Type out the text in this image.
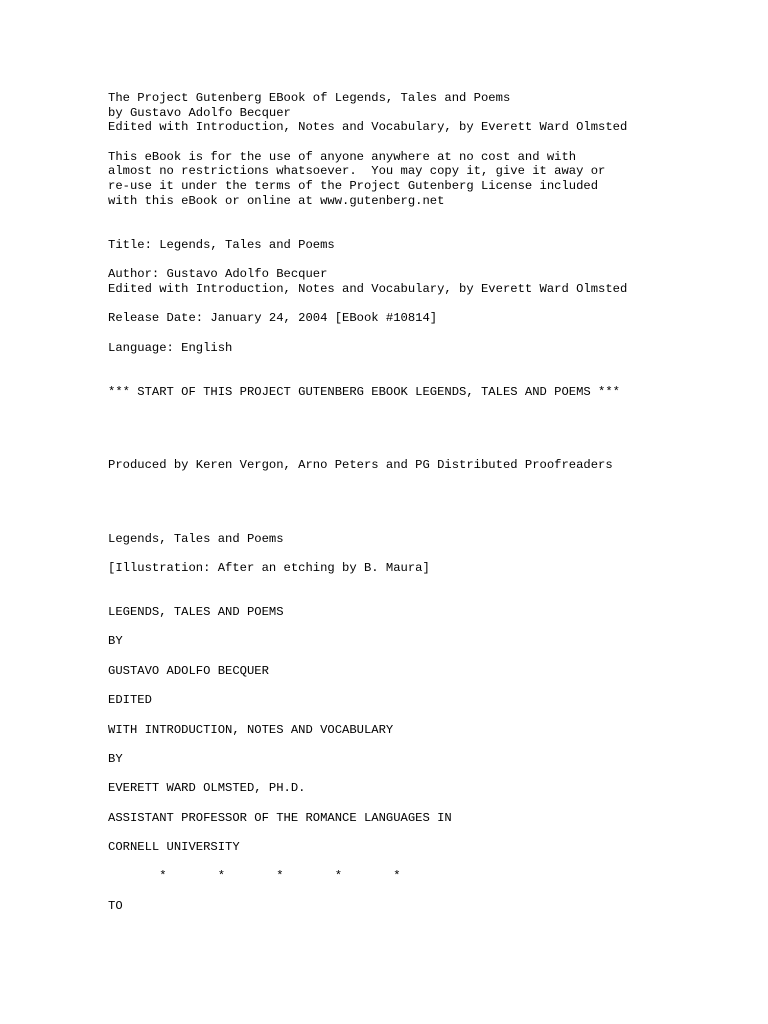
The Project Gutenberg EBook of Legends, Tales and Poems
by Gustavo Adolfo Becquer
Edited with Introduction, Notes and Vocabulary, by Everett Ward Olmsted
This eBook is for the use of anyone anywhere at no cost and with
almost no restrictions whatsoever.  You may copy it, give it away or
re-use it under the terms of the Project Gutenberg License included
with this eBook or online at www.gutenberg.net
Title: Legends, Tales and Poems
Author: Gustavo Adolfo Becquer
Edited with Introduction, Notes and Vocabulary, by Everett Ward Olmsted
Release Date: January 24, 2004 [EBook #10814]
Language: English
*** START OF THIS PROJECT GUTENBERG EBOOK LEGENDS, TALES AND POEMS ***
Produced by Keren Vergon, Arno Peters and PG Distributed Proofreaders
Legends, Tales and Poems
[Illustration: After an etching by B. Maura]
LEGENDS, TALES AND POEMS
BY
GUSTAVO ADOLFO BECQUER
EDITED
WITH INTRODUCTION, NOTES AND VOCABULARY
BY
EVERETT WARD OLMSTED, PH.D.
ASSISTANT PROFESSOR OF THE ROMANCE LANGUAGES IN
CORNELL UNIVERSITY
*       *       *       *       *
TO
